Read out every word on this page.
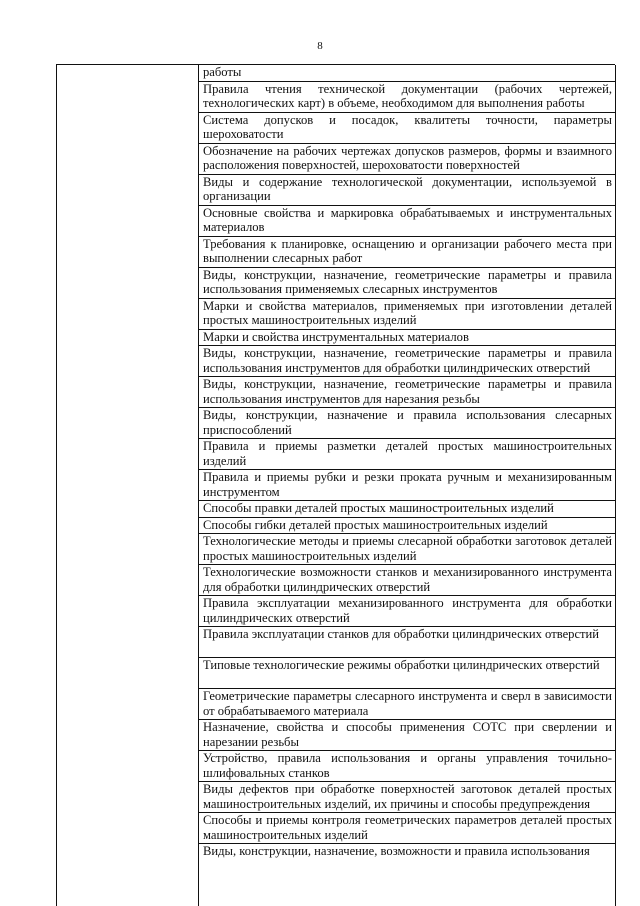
8
работы
Правила чтения технической документации (рабочих чертежей, технологических карт) в объеме, необходимом для выполнения работы
Система допусков и посадок, квалитеты точности, параметры шероховатости
Обозначение на рабочих чертежах допусков размеров, формы и взаимного расположения поверхностей, шероховатости поверхностей
Виды и содержание технологической документации, используемой в организации
Основные свойства и маркировка обрабатываемых и инструментальных материалов
Требования к планировке, оснащению и организации рабочего места при выполнении слесарных работ
Виды, конструкции, назначение, геометрические параметры и правила использования применяемых слесарных инструментов
Марки и свойства материалов, применяемых при изготовлении деталей простых машиностроительных изделий
Марки и свойства инструментальных материалов
Виды, конструкции, назначение, геометрические параметры и правила использования инструментов для обработки цилиндрических отверстий
Виды, конструкции, назначение, геометрические параметры и правила использования инструментов для нарезания резьбы
Виды, конструкции, назначение и правила использования слесарных приспособлений
Правила и приемы разметки деталей простых машиностроительных изделий
Правила и приемы рубки и резки проката ручным и механизированным инструментом
Способы правки деталей простых машиностроительных изделий
Способы гибки деталей простых машиностроительных изделий
Технологические методы и приемы слесарной обработки заготовок деталей простых машиностроительных изделий
Технологические возможности станков и механизированного инструмента для обработки цилиндрических отверстий
Правила эксплуатации механизированного инструмента для обработки цилиндрических отверстий
Правила эксплуатации станков для обработки цилиндрических отверстий
Типовые технологические режимы обработки цилиндрических отверстий
Геометрические параметры слесарного инструмента и сверл в зависимости от обрабатываемого материала
Назначение, свойства и способы применения СОТС при сверлении и нарезании резьбы
Устройство, правила использования и органы управления точильно-шлифовальных станков
Виды дефектов при обработке поверхностей заготовок деталей простых машиностроительных изделий, их причины и способы предупреждения
Способы и приемы контроля геометрических параметров деталей простых машиностроительных изделий
Виды, конструкции, назначение, возможности и правила использования
